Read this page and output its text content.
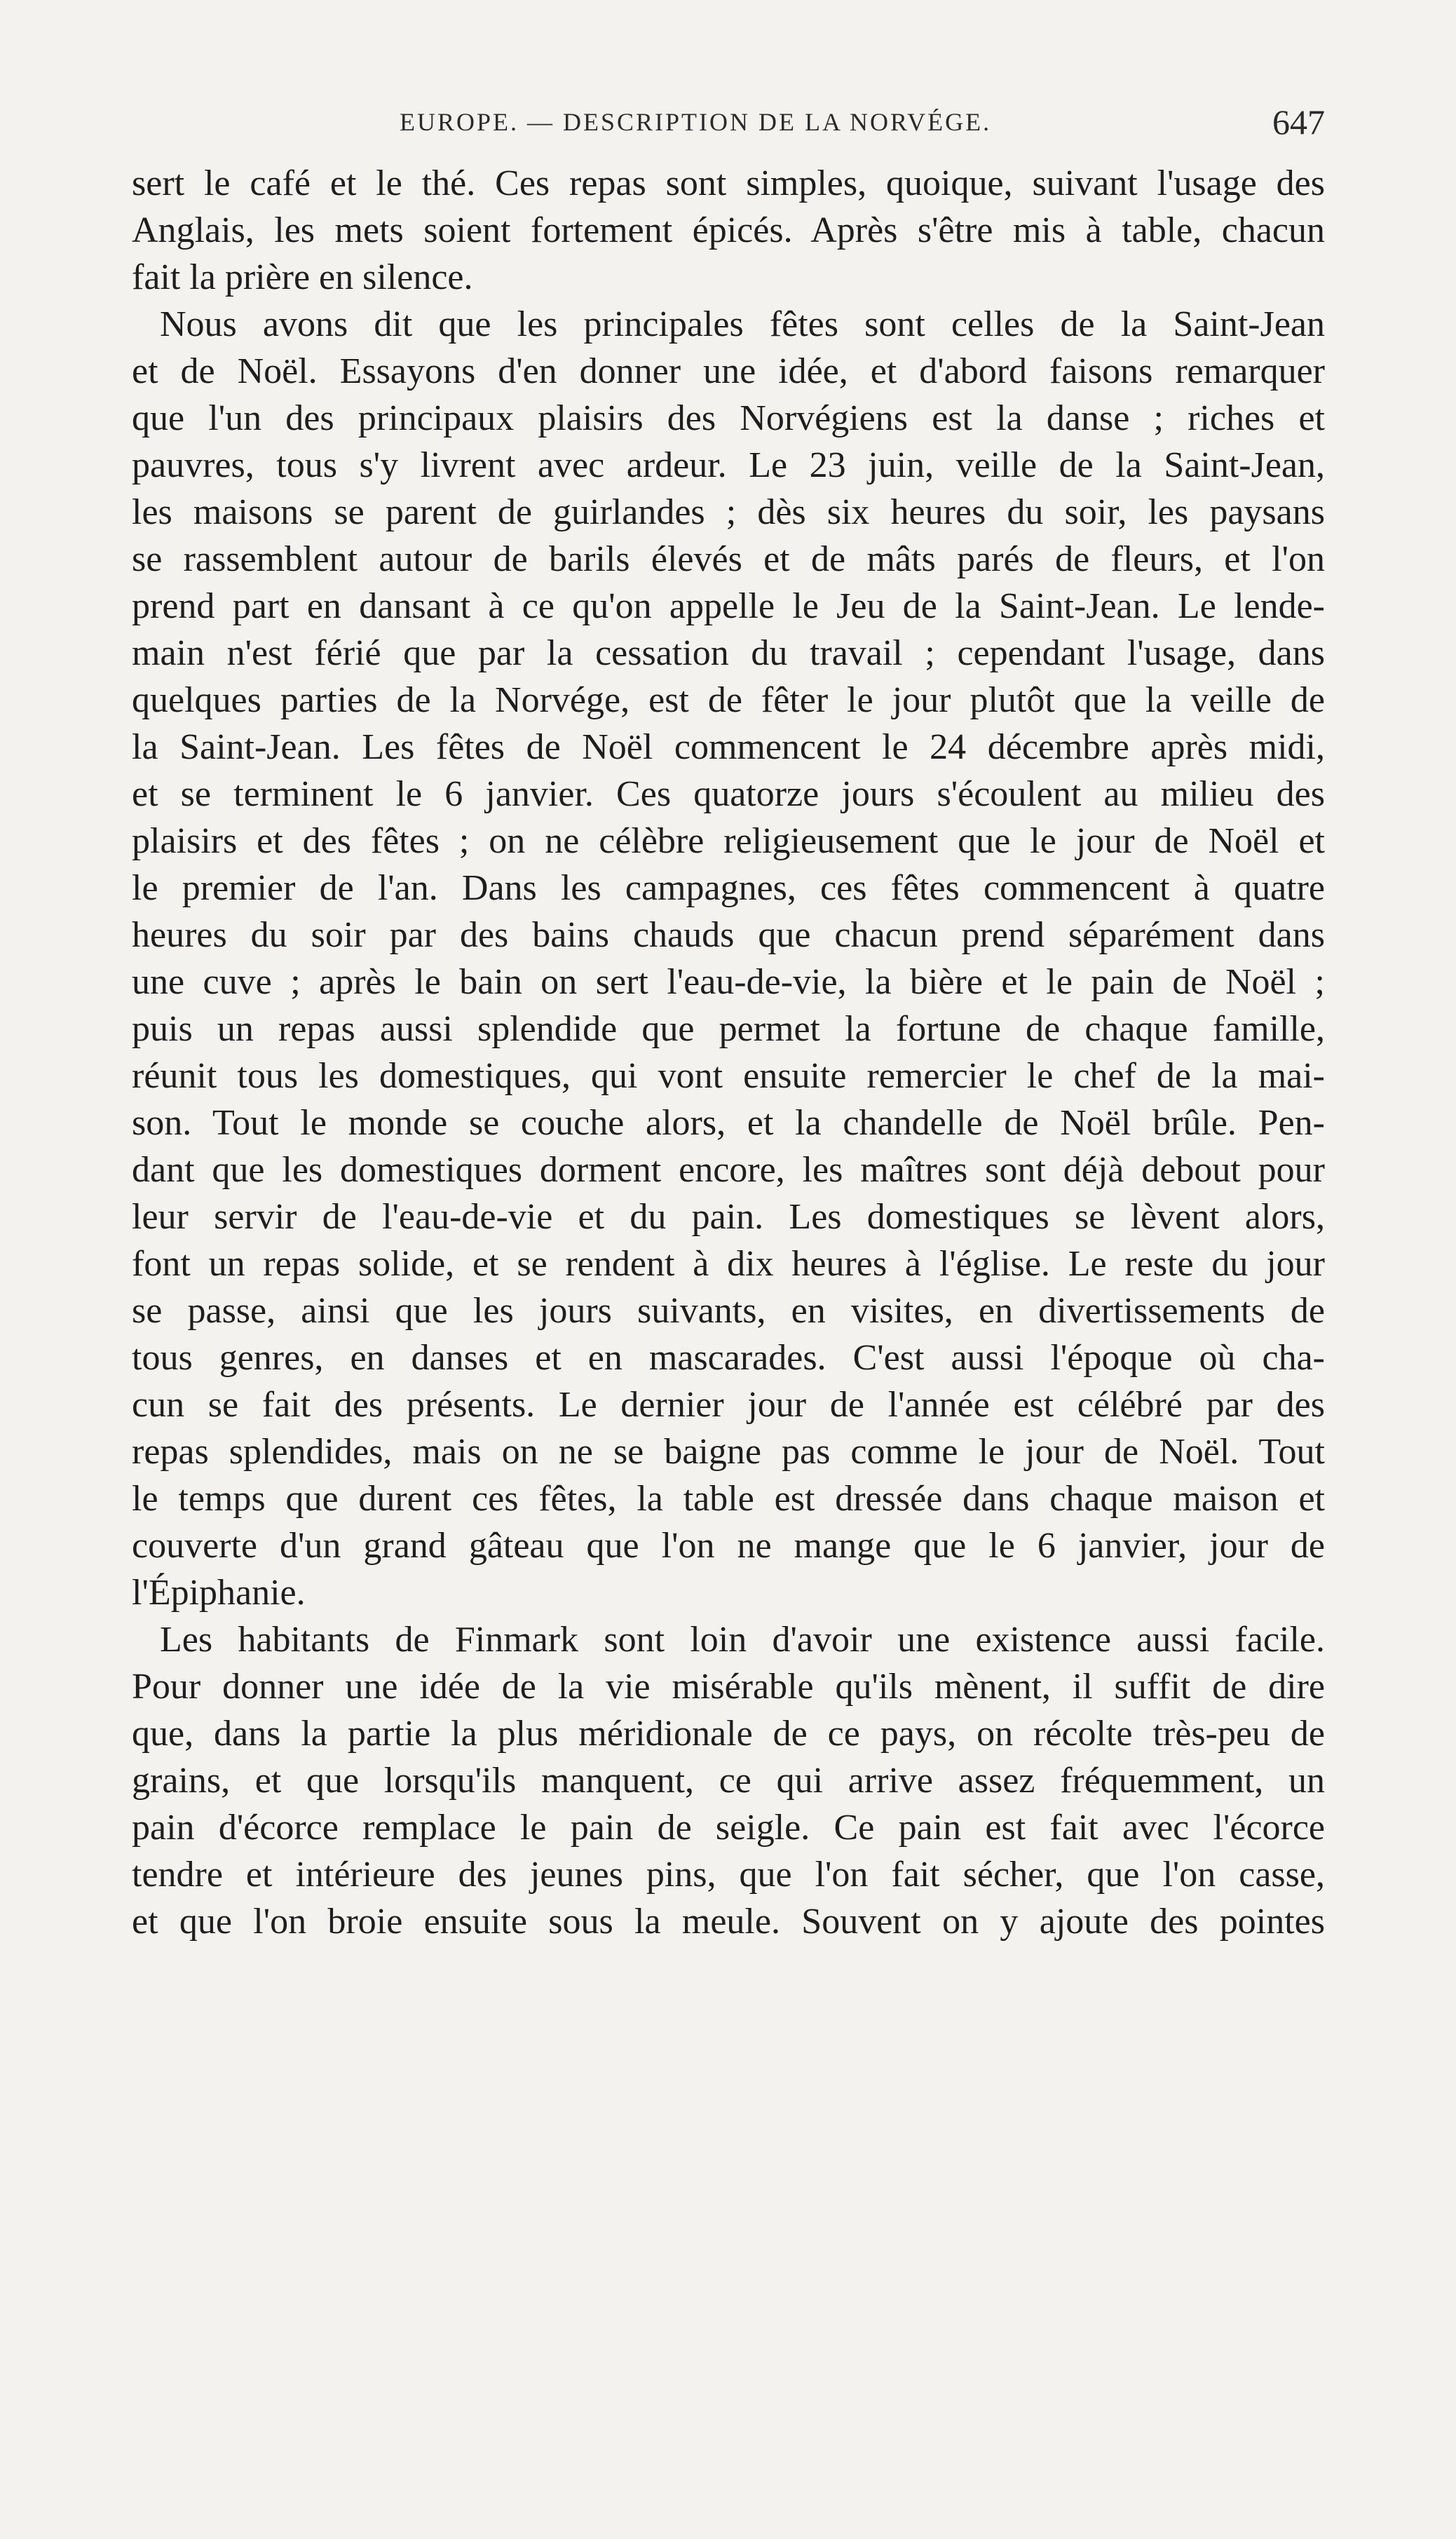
EUROPE. — DESCRIPTION DE LA NORVÉGE.	647
sert le café et le thé. Ces repas sont simples, quoique, suivant l'usage des
Anglais, les mets soient fortement épicés. Après s'être mis à table, chacun
fait la prière en silence.
Nous avons dit que les principales fêtes sont celles de la Saint-Jean
et de Noël. Essayons d'en donner une idée, et d'abord faisons remarquer
que l'un des principaux plaisirs des Norvégiens est la danse ; riches et
pauvres, tous s'y livrent avec ardeur. Le 23 juin, veille de la Saint-Jean,
les maisons se parent de guirlandes ; dès six heures du soir, les paysans
se rassemblent autour de barils élevés et de mâts parés de fleurs, et l'on
prend part en dansant à ce qu'on appelle le Jeu de la Saint-Jean. Le lende-
main n'est férié que par la cessation du travail ; cependant l'usage, dans
quelques parties de la Norvége, est de fêter le jour plutôt que la veille de
la Saint-Jean. Les fêtes de Noël commencent le 24 décembre après midi,
et se terminent le 6 janvier. Ces quatorze jours s'écoulent au milieu des
plaisirs et des fêtes ; on ne célèbre religieusement que le jour de Noël et
le premier de l'an. Dans les campagnes, ces fêtes commencent à quatre
heures du soir par des bains chauds que chacun prend séparément dans
une cuve ; après le bain on sert l'eau-de-vie, la bière et le pain de Noël ;
puis un repas aussi splendide que permet la fortune de chaque famille,
réunit tous les domestiques, qui vont ensuite remercier le chef de la mai-
son. Tout le monde se couche alors, et la chandelle de Noël brûle. Pen-
dant que les domestiques dorment encore, les maîtres sont déjà debout pour
leur servir de l'eau-de-vie et du pain. Les domestiques se lèvent alors,
font un repas solide, et se rendent à dix heures à l'église. Le reste du jour
se passe, ainsi que les jours suivants, en visites, en divertissements de
tous genres, en danses et en mascarades. C'est aussi l'époque où cha-
cun se fait des présents. Le dernier jour de l'année est célébré par des
repas splendides, mais on ne se baigne pas comme le jour de Noël. Tout
le temps que durent ces fêtes, la table est dressée dans chaque maison et
couverte d'un grand gâteau que l'on ne mange que le 6 janvier, jour de
l'Épiphanie.
Les habitants de Finmark sont loin d'avoir une existence aussi facile.
Pour donner une idée de la vie misérable qu'ils mènent, il suffit de dire
que, dans la partie la plus méridionale de ce pays, on récolte très-peu de
grains, et que lorsqu'ils manquent, ce qui arrive assez fréquemment, un
pain d'écorce remplace le pain de seigle. Ce pain est fait avec l'écorce
tendre et intérieure des jeunes pins, que l'on fait sécher, que l'on casse,
et que l'on broie ensuite sous la meule. Souvent on y ajoute des pointes
